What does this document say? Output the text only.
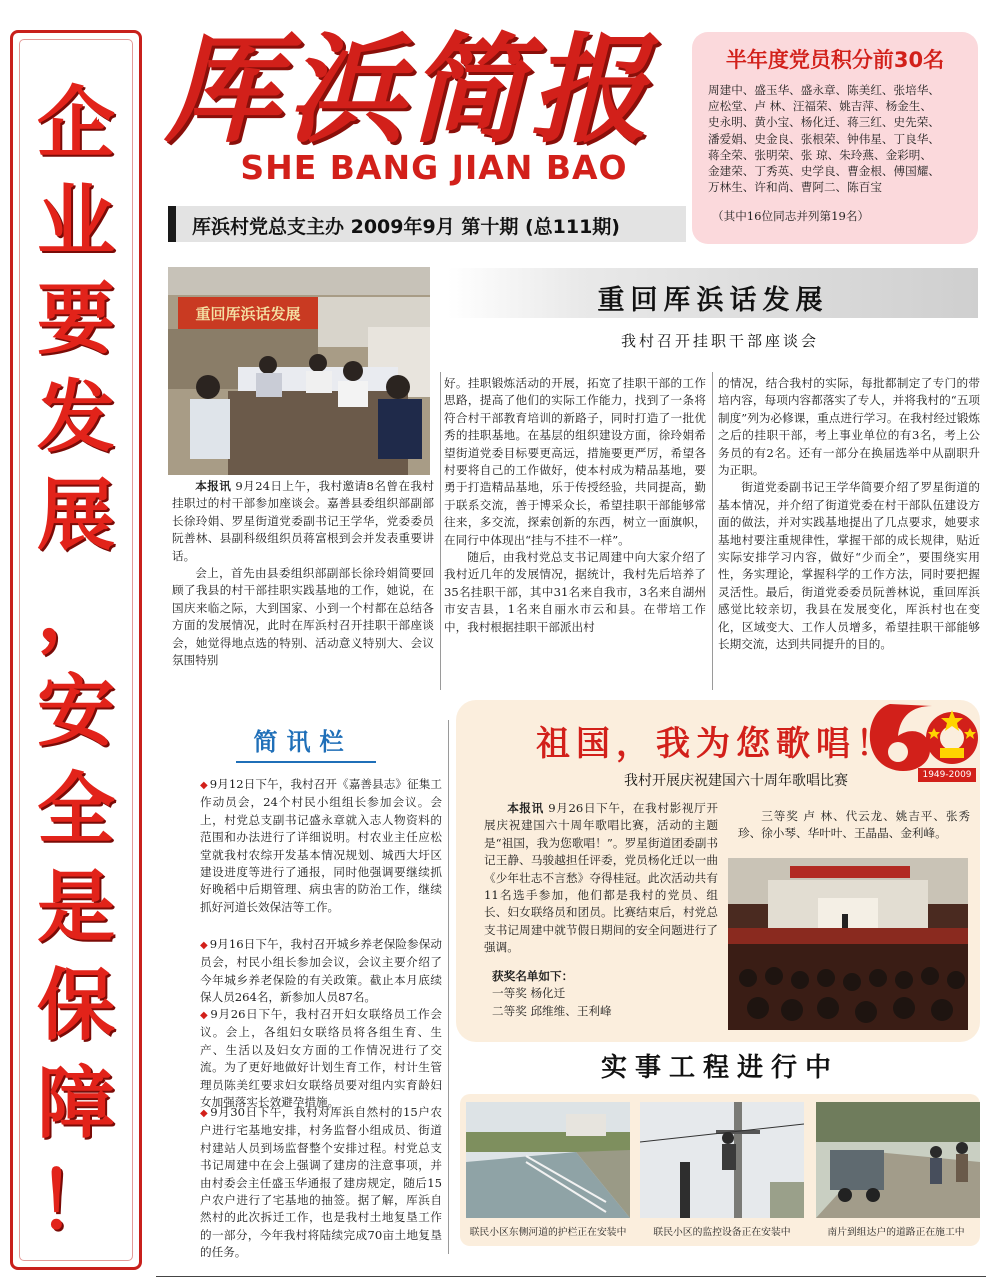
企
业
要
发
展
，
安
全
是
保
障
！
厍浜简报
SHE BANG JIAN BAO
厍浜村党总支主办 2009年9月 第十期 (总111期)
半年度党员积分前30名
周建中、盛玉华、盛永章、陈美红、张培华、
应松堂、卢 林、汪福荣、姚吉萍、杨金生、
史永明、黄小宝、杨化迁、蒋三红、史先荣、
潘爱娟、史金良、张根荣、钟伟星、丁良华、
蒋全荣、张明荣、张 琼、朱玲燕、金彩明、
金建荣、丁秀英、史学良、曹金根、傅国耀、
万林生、许和尚、曹阿二、陈百宝
（其中16位同志并列第19名）
重回厍浜话发展	重回厍浜话发展
我村召开挂职干部座谈会

本报讯 9月24日上午，我村邀请8名曾在我村挂职过的村干部参加座谈会。嘉善县委组织部副部长徐玲娟、罗星街道党委副书记王学华，党委委员阮善林、县副科级组织员蒋富根到会并发表重要讲话。

会上，首先由县委组织部副部长徐玲娟简要回顾了我县的村干部挂职实践基地的工作，她说，在国庆来临之际，大到国家、小到一个村都在总结各方面的发展情况，此时在厍浜村召开挂职干部座谈会，她觉得地点选的特别、活动意义特别大、会议氛围特别

好。挂职锻炼活动的开展，拓宽了挂职干部的工作思路，提高了他们的实际工作能力，找到了一条将符合村干部教育培训的新路子，同时打造了一批优秀的挂职基地。在基层的组织建设方面，徐玲娟希望街道党委目标要更高远，措施要更严厉，希望各村要将自己的工作做好，使本村成为精品基地，要勇于打造精品基地，乐于传授经验，共同提高，勤于联系交流，善于博采众长，希望挂职干部能够常往来，多交流，探索创新的东西，树立一面旗帜，在同行中体现出“挂与不挂不一样”。

随后，由我村党总支书记周建中向大家介绍了我村近几年的发展情况，据统计，我村先后培养了35名挂职干部，其中31名来自我市，3名来自湖州市安吉县，1名来自丽水市云和县。在带培工作中，我村根据挂职干部派出村

的情况，结合我村的实际，每批都制定了专门的带培内容，每项内容都落实了专人，并将我村的“五项制度”列为必修课，重点进行学习。在我村经过锻炼之后的挂职干部，考上事业单位的有3名，考上公务员的有2名。还有一部分在换届选举中从副职升为正职。

街道党委副书记王学华简要介绍了罗星街道的基本情况，并介绍了街道党委在村干部队伍建设方面的做法，并对实践基地提出了几点要求，她要求基地村要注重规律性，掌握干部的成长规律，贴近实际安排学习内容，做好“少而全”，要围绕实用性，务实理论，掌握科学的工作方法，同时要把握灵活性。最后，街道党委委员阮善林说，重回厍浜感觉比较亲切，我县在发展变化，厍浜村也在变化，区域变大、工作人员增多，希望挂职干部能够长期交流，达到共同提升的目的。

简讯栏
◆ 9月12日下午，我村召开《嘉善县志》征集工作动员会，24个村民小组组长参加会议。会上，村党总支副书记盛永章就入志人物资料的范围和办法进行了详细说明。村农业主任应松堂就我村农综开发基本情况规划、城西大圩区建设进度等进行了通报，同时他强调要继续抓好晚稻中后期管理、病虫害的防治工作，继续抓好河道长效保洁等工作。
◆ 9月16日下午，我村召开城乡养老保险参保动员会，村民小组长参加会议，会议主要介绍了今年城乡养老保险的有关政策。截止本月底续保人员264名，新参加人员87名。
◆ 9月26日下午，我村召开妇女联络员工作会议。会上，各组妇女联络员将各组生育、生产、生活以及妇女方面的工作情况进行了交流。为了更好地做好计划生育工作，村计生管理员陈美红要求妇女联络员要对组内实育龄妇女加强落实长效避孕措施。
◆ 9月30日下午，我村对厍浜自然村的15户农户进行宅基地安排，村务监督小组成员、街道村建站人员到场监督整个安排过程。村党总支书记周建中在会上强调了建房的注意事项，并由村委会主任盛玉华通报了建房规定，随后15户农户进行了宅基地的抽签。据了解，厍浜自然村的此次拆迁工作，也是我村土地复垦工作的一部分，今年我村将陆续完成70亩土地复垦的任务。
1949-2009
祖国，我为您歌唱！
我村开展庆祝建国六十周年歌唱比赛

本报讯 9月26日下午，在我村影视厅开展庆祝建国六十周年歌唱比赛，活动的主题是“祖国，我为您歌唱！”。罗星街道团委副书记王静、马骏越担任评委，党员杨化迁以一曲《少年壮志不言愁》夺得桂冠。此次活动共有11名选手参加，他们都是我村的党员、组长、妇女联络员和团员。比赛结束后，村党总支书记周建中就节假日期间的安全问题进行了强调。

三等奖 卢 林、代云龙、姚吉平、张秀珍、徐小琴、华叶叶、王晶晶、金利峰。

获奖名单如下：
一等奖 杨化迁
二等奖 邱维维、王利峰
实事工程进行中
联民小区东侧河道的护栏正在安装中	联民小区的监控设备正在安装中	南片到组达户的道路正在施工中
